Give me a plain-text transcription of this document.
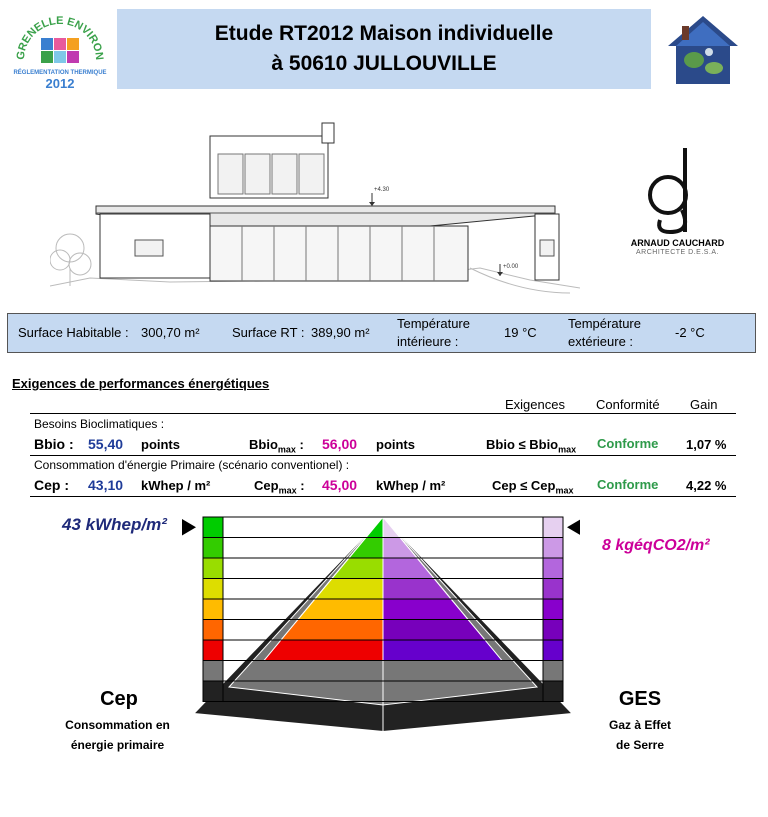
GRENELLE ENVIRON
RÉGLEMENTATION THERMIQUE
2012
Etude RT2012 Maison individuelle
à 50610 JULLOUVILLE
+4.30
+0.00
ARNAUD CAUCHARD
ARCHITECTE D.E.S.A.
Surface Habitable : 300,70 m² Surface RT : 389,90 m²
Température
intérieure :
19 °C
Température
extérieure :
-2 °C
Exigences de performances énergétiques
Exigences Conformité Gain
Besoins Bioclimatiques :
Bbio : 55,40 points	Bbio$_{max}$ : 56,00 points	Bbio ≤ Bbio$_{max}$ Conforme 1,07 %
Consommation d'énergie Primaire (scénario conventionel) :
Cep : 43,10 kWhep / m²	Cep$_{max}$ : 45,00 kWhep / m²	Cep ≤ Cep$_{max}$ Conforme 4,22 %
43 kWhep/m²
8 kgéqCO2/m²
Cep
Consommation en
énergie primaire
GES
Gaz à Effet
de Serre
